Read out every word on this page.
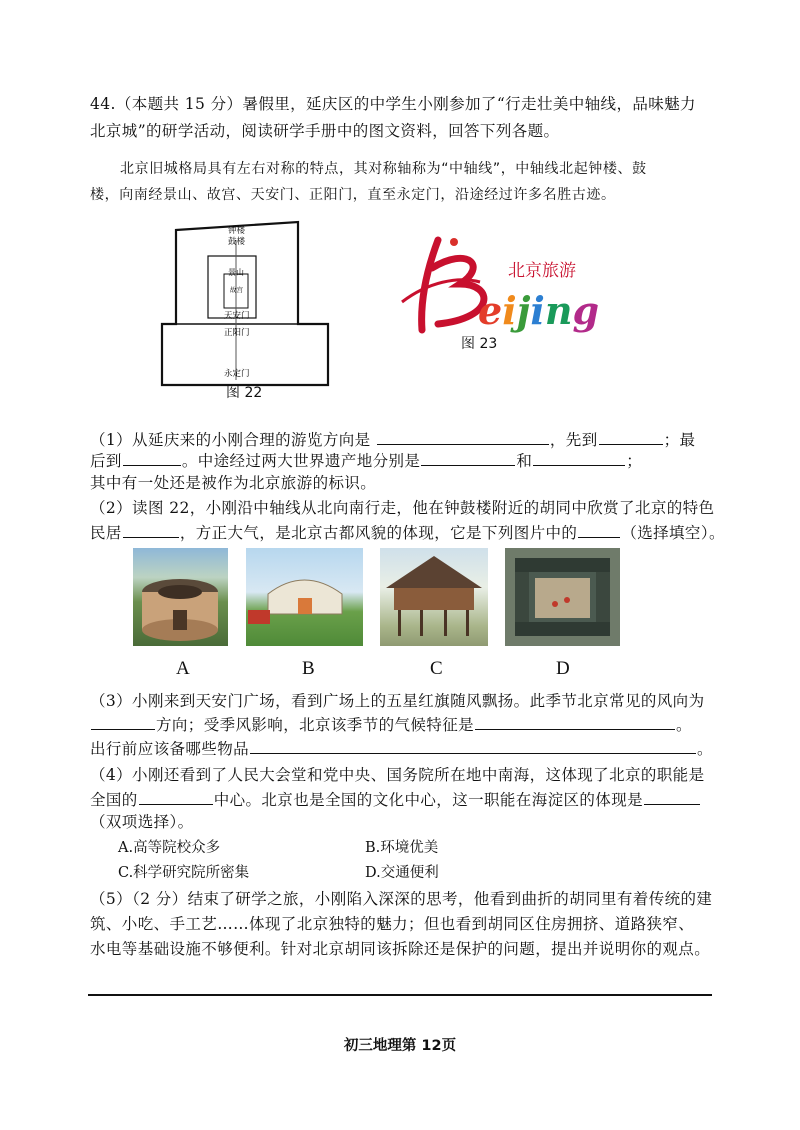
44.（本题共 15 分）暑假里，延庆区的中学生小刚参加了“行走壮美中轴线，品味魅力
北京城”的研学活动，阅读研学手册中的图文资料，回答下列各题。
北京旧城格局具有左右对称的特点，其对称轴称为“中轴线”，中轴线北起钟楼、鼓
楼，向南经景山、故宫、天安门、正阳门，直至永定门，沿途经过许多名胜古迹。
钟楼
鼓楼
景山
故宫
天安门
正阳门
永定门
图 22
eijing
北京旅游
图 23
（1）从延庆来的小刚合理的游览方向是	，先到	；最
后到	。中途经过两大世界遗产地分别是	和	；
其中有一处还是被作为北京旅游的标识。
（2）读图 22，小刚沿中轴线从北向南行走，他在钟鼓楼附近的胡同中欣赏了北京的特色
民居	，方正大气，是北京古都风貌的体现，它是下列图片中的	（选择填空）。
A	B	C	D
（3）小刚来到天安门广场，看到广场上的五星红旗随风飘扬。此季节北京常见的风向为
方向；受季风影响，北京该季节的气候特征是	。
出行前应该备哪些物品	。
（4）小刚还看到了人民大会堂和党中央、国务院所在地中南海，这体现了北京的职能是
全国的	中心。北京也是全国的文化中心，这一职能在海淀区的体现是
（双项选择）。
A.高等院校众多	B.环境优美
C.科学研究院所密集	D.交通便利
（5）（2 分）结束了研学之旅，小刚陷入深深的思考，他看到曲折的胡同里有着传统的建
筑、小吃、手工艺……体现了北京独特的魅力；但也看到胡同区住房拥挤、道路狭窄、
水电等基础设施不够便利。针对北京胡同该拆除还是保护的问题，提出并说明你的观点。
初三地理第 12页
